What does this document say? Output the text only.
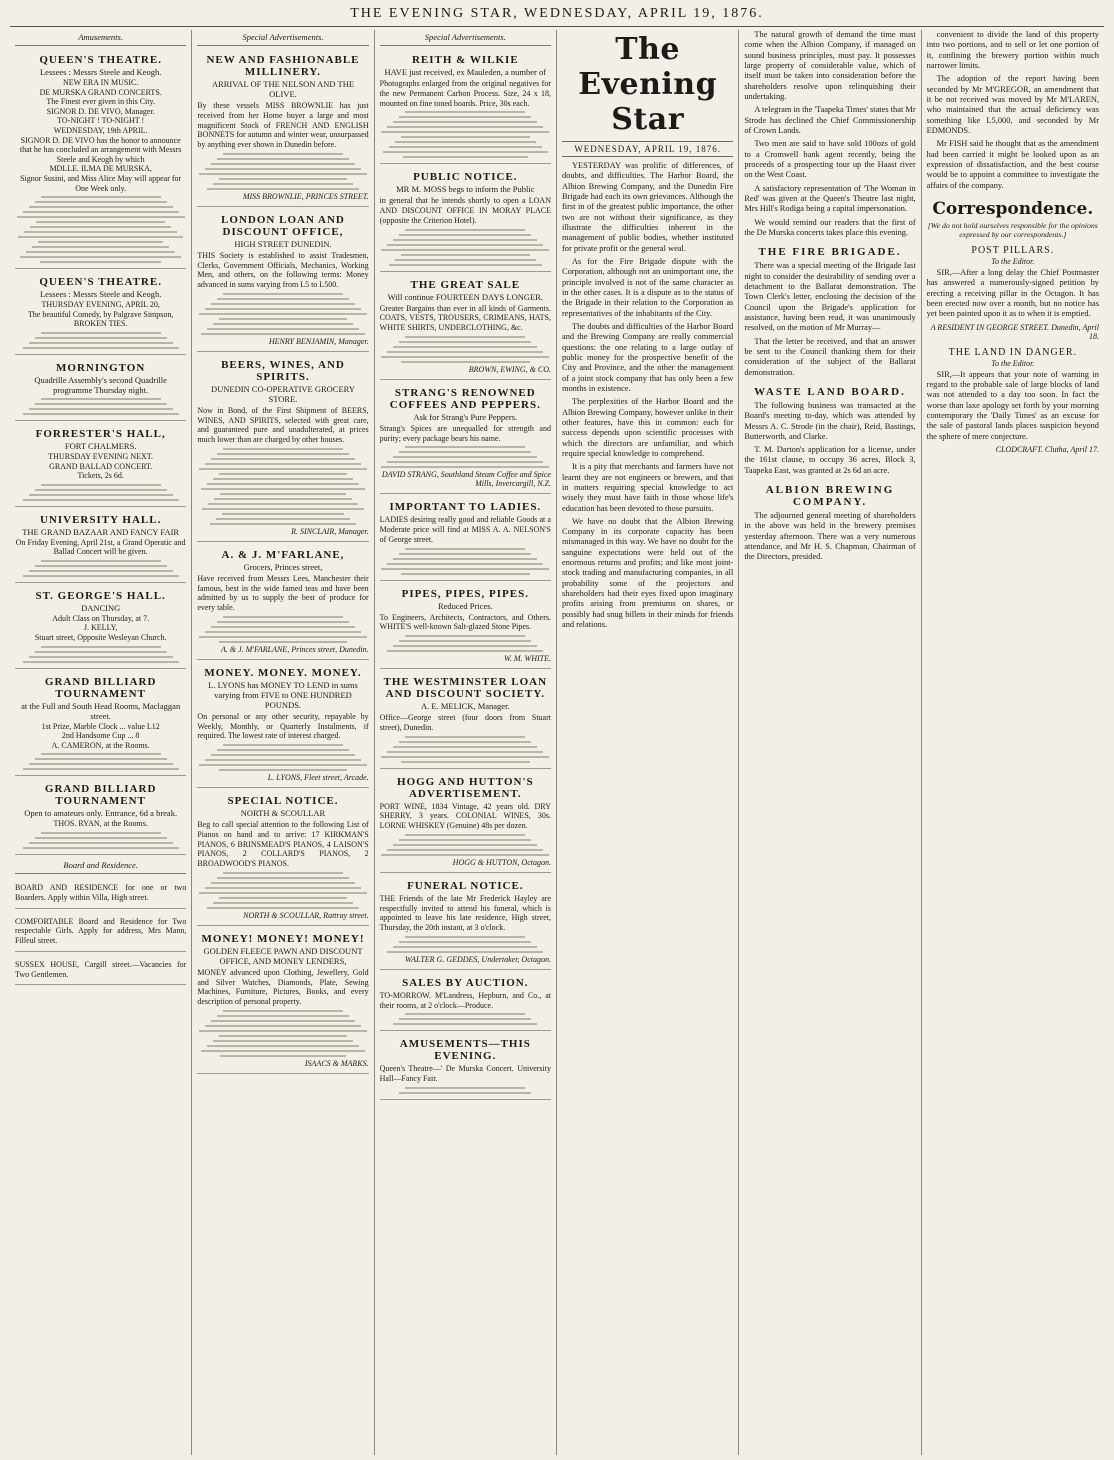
THE EVENING STAR, WEDNESDAY, APRIL 19, 1876.
Amusements.
QUEEN'S THEATRE.
Lessees : Messrs Steele and Keogh.

NEW ERA IN MUSIC.

DE MURSKA GRAND CONCERTS.

The Finest ever given in this City.

SIGNOR D. DE VIVO, Manager.

TO-NIGHT ! TO-NIGHT !

WEDNESDAY, 19th APRIL.

SIGNOR D. DE VIVO has the honor to announce that he has concluded an arrangement with Messrs Steele and Keogh by which

MDLLE. ILMA DE MURSKA,

Signor Susini, and Miss Alice May will appear for One Week only.

QUEEN'S THEATRE.
Lessees : Messrs Steele and Keogh.

THURSDAY EVENING, APRIL 20,

The beautiful Comedy, by Palgrave Simpson,

BROKEN TIES.

MORNINGTON
Quadrille Assembly's second Quadrille programme Thursday night.
FORRESTER'S HALL,
FORT CHALMERS.

THURSDAY EVENING NEXT.

GRAND BALLAD CONCERT.

Tickets, 2s 6d.

UNIVERSITY HALL.
THE GRAND BAZAAR AND FANCY FAIR

On Friday Evening, April 21st, a Grand Operatic and Ballad Concert will be given.

ST. GEORGE'S HALL.
DANCING

Adult Class on Thursday, at 7.

J. KELLY,

Stuart street, Opposite Wesleyan Church.

GRAND BILLIARD TOURNAMENT
at the Full and South Head Rooms, Maclaggan street.

1st Prize, Marble Clock ... value L12

2nd Handsome Cup ... 8

A. CAMERON, at the Rooms.

GRAND BILLIARD TOURNAMENT
Open to amateurs only. Entrance, 6d a break.

THOS. RYAN, at the Rooms.

Board and Residence.

BOARD AND RESIDENCE for one or two Boarders. Apply within Villa, High street.

COMFORTABLE Board and Residence for Two respectable Girls. Apply for address, Mrs Mann, Filleul street.

SUSSEX HOUSE, Cargill street.—Vacancies for Two Gentlemen.

Special Advertisements.
NEW AND FASHIONABLE MILLINERY.
ARRIVAL OF THE NELSON AND THE OLIVE.

By these vessels MISS BROWNLIE has just received from her Home buyer a large and most magnificent Stock of FRENCH AND ENGLISH BONNETS for autumn and winter wear, unsurpassed by anything ever shown in Dunedin before.

MISS BROWNLIE, PRINCES STREET.
LONDON LOAN AND DISCOUNT OFFICE,
HIGH STREET DUNEDIN.

THIS Society is established to assist Tradesmen, Clerks, Government Officials, Mechanics, Working Men, and others, on the following terms: Money advanced in sums varying from L5 to L500.

HENRY BENJAMIN, Manager.
BEERS, WINES, AND SPIRITS.
DUNEDIN CO-OPERATIVE GROCERY STORE.

Now in Bond, of the First Shipment of BEERS, WINES, AND SPIRITS, selected with great care, and guaranteed pure and unadulterated, at prices much lower than are charged by other houses.

R. SINCLAIR, Manager.
A. & J. M'FARLANE,
Grocers, Princes street,

Have received from Messrs Lees, Manchester their famous, best in the wide famed teas and have been admitted by us to supply the best of produce for every table.

A. & J. M'FARLANE, Princes street, Dunedin.
MONEY. MONEY. MONEY.
L. LYONS has MONEY TO LEND in sums varying from FIVE to ONE HUNDRED POUNDS.

On personal or any other security, repayable by Weekly, Monthly, or Quarterly Instalments, if required. The lowest rate of interest charged.

L. LYONS, Fleet street, Arcade.
SPECIAL NOTICE.
NORTH & SCOULLAR

Beg to call special attention to the following List of Pianos on hand and to arrive: 17 KIRKMAN'S PIANOS, 6 BRINSMEAD'S PIANOS, 4 LAISON'S PIANOS, 2 COLLARD'S PIANOS, 2 BROADWOOD'S PIANOS.

NORTH & SCOULLAR, Rattray street.
MONEY! MONEY! MONEY!
GOLDEN FLEECE PAWN AND DISCOUNT OFFICE, AND MONEY LENDERS,

MONEY advanced upon Clothing, Jewellery, Gold and Silver Watches, Diamonds, Plate, Sewing Machines, Furniture, Pictures, Books, and every description of personal property.

ISAACS & MARKS.
Special Advertisements.
REITH & WILKIE
HAVE just received, ex Mauleden, a number of

Photographs enlarged from the original negatives for the new Permanent Carbon Process. Size, 24 x 18, mounted on fine toned boards. Price, 30s each.

PUBLIC NOTICE.
MR M. MOSS begs to inform the Public

in general that he intends shortly to open a LOAN AND DISCOUNT OFFICE IN MORAY PLACE (opposite the Criterion Hotel).

THE GREAT SALE
Will continue FOURTEEN DAYS LONGER.

Greater Bargains than ever in all kinds of Garments. COATS, VESTS, TROUSERS, CRIMEANS, HATS, WHITE SHIRTS, UNDERCLOTHING, &c.

BROWN, EWING, & CO.
STRANG'S RENOWNED COFFEES AND PEPPERS.
Ask for Strang's Pure Peppers.

Strang's Spices are unequalled for strength and purity; every package bears his name.

DAVID STRANG, Southland Steam Coffee and Spice Mills, Invercargill, N.Z.
IMPORTANT TO LADIES.

LADIES desiring really good and reliable Goods at a Moderate price will find at MISS A. A. NELSON'S of George street.

PIPES, PIPES, PIPES.
Reduced Prices.

To Engineers, Architects, Contractors, and Others. WHITE'S well-known Salt-glazed Stone Pipes.

W. M. WHITE.
THE WESTMINSTER LOAN AND DISCOUNT SOCIETY.
A. E. MELICK, Manager.

Office—George street (four doors from Stuart street), Dunedin.

HOGG AND HUTTON'S ADVERTISEMENT.

PORT WINE, 1834 Vintage, 42 years old. DRY SHERRY, 3 years. COLONIAL WINES, 30s. LORNE WHISKEY (Genuine) 48s per dozen.

HOGG & HUTTON, Octagon.
FUNERAL NOTICE.

THE Friends of the late Mr Frederick Hayley are respectfully invited to attend his funeral, which is appointed to leave his late residence, High street, Thursday, the 20th instant, at 3 o'clock.

WALTER G. GEDDES, Undertaker, Octagon.
SALES BY AUCTION.

TO-MORROW. M'Landress, Hepburn, and Co., at their rooms, at 2 o'clock—Produce.

AMUSEMENTS—THIS EVENING.

Queen's Theatre—' De Murska Concert. University Hall—Fancy Fair.

The Evening Star
WEDNESDAY, APRIL 19, 1876.

YESTERDAY was prolific of differences, of doubts, and difficulties. The Harbor Board, the Albion Brewing Company, and the Dunedin Fire Brigade had each its own grievances. Although the first in of the greatest public importance, the other two are not without their significance, as they illustrate the difficulties inherent in the management of public bodies, whether instituted for private profit or the general weal.

As for the Fire Brigade dispute with the Corporation, although not an unimportant one, the principle involved is not of the same character as in the other cases. It is a dispute as to the status of the Brigade in their relation to the Corporation as representatives of the inhabitants of the City.

The doubts and difficulties of the Harbor Board and the Brewing Company are really commercial questions: the one relating to a large outlay of public money for the prospective benefit of the City and Province, and the other the management of a joint stock company that has only been a few months in existence.

The perplexities of the Harbor Board and the Albion Brewing Company, however unlike in their other features, have this in common: each for success depends upon scientific processes with which the directors are unfamiliar, and which require special knowledge to comprehend.

It is a pity that merchants and farmers have not learnt they are not engineers or brewers, and that in matters requiring special knowledge to act wisely they must have faith in those whose life's education has been devoted to those pursuits.

We have no doubt that the Albion Brewing Company in its corporate capacity has been mismanaged in this way. We have no doubt for the sanguine expectations were held out of the enormous returns and profits; and like most joint-stock trading and manufacturing companies, in all probability some of the projectors and shareholders had their eyes fixed upon imaginary profits arising from premiums on shares, or possibly had snug billets in their minds for friends and relations.

The natural growth of demand the time must come when the Albion Company, if managed on sound business principles, must pay. It possesses large property of considerable value, which of itself must be taken into consideration before the shareholders resolve upon relinquishing their undertaking.

A telegram in the 'Taapeka Times' states that Mr Strode has declined the Chief Commissionership of Crown Lands.

Two men are said to have sold 100ozs of gold to a Cromwell bank agent recently, being the proceeds of a prospecting tour up the Haast river on the West Coast.

A satisfactory representation of 'The Woman in Red' was given at the Queen's Theatre last night, Mrs Hill's Rodiga being a capital impersonation.

We would remind our readers that the first of the De Murska concerts takes place this evening.

THE FIRE BRIGADE.

There was a special meeting of the Brigade last night to consider the desirability of sending over a detachment to the Ballarat demonstration. The Town Clerk's letter, enclosing the decision of the Council upon the Brigade's application for assistance, having been read, it was unanimously resolved, on the motion of Mr Murray—

That the letter be received, and that an answer be sent to the Council thanking them for their consideration of the subject of the Ballarat demonstration.

WASTE LAND BOARD.

The following business was transacted at the Board's meeting to-day, which was attended by Messrs A. C. Strode (in the chair), Reid, Bastings, Butterworth, and Clarke.

T. M. Darton's application for a license, under the 161st clause, to occupy 36 acres, Block 3, Taapeka East, was granted at 2s 6d an acre.

ALBION BREWING COMPANY.

The adjourned general meeting of shareholders in the above was held in the brewery premises yesterday afternoon. There was a very numerous attendance, and Mr H. S. Chapman, Chairman of the Directors, presided.

convenient to divide the land of this property into two portions, and to sell or let one portion of it, confining the brewery portion within much narrower limits.

The adoption of the report having been seconded by Mr M'GREGOR, an amendment that it be not received was moved by Mr M'LAREN, who maintained that the actual deficiency was something like L5,000, and seconded by Mr EDMONDS.

Mr FISH said he thought that as the amendment had been carried it might be looked upon as an expression of dissatisfaction, and the best course would be to appoint a committee to investigate the affairs of the company.

Correspondence.
[We do not hold ourselves responsible for the opinions expressed by our correspondents.]
POST PILLARS.
To the Editor.

SIR,—After a long delay the Chief Postmaster has answered a numerously-signed petition by erecting a receiving pillar in the Octagon. It has been erected now over a month, but no notice has yet been painted upon it as to when it is emptied.

A RESIDENT IN GEORGE STREET. Dunedin, April 18.
THE LAND IN DANGER.
To the Editor.

SIR,—It appears that your note of warning in regard to the probable sale of large blocks of land was not attended to a day too soon. In fact the worse than laxe apology set forth by your morning contemporary the 'Daily Times' as an excuse for the sale of pastoral lands places suspicion beyond the sphere of mere conjecture.

CLODCRAFT. Clutha, April 17.
